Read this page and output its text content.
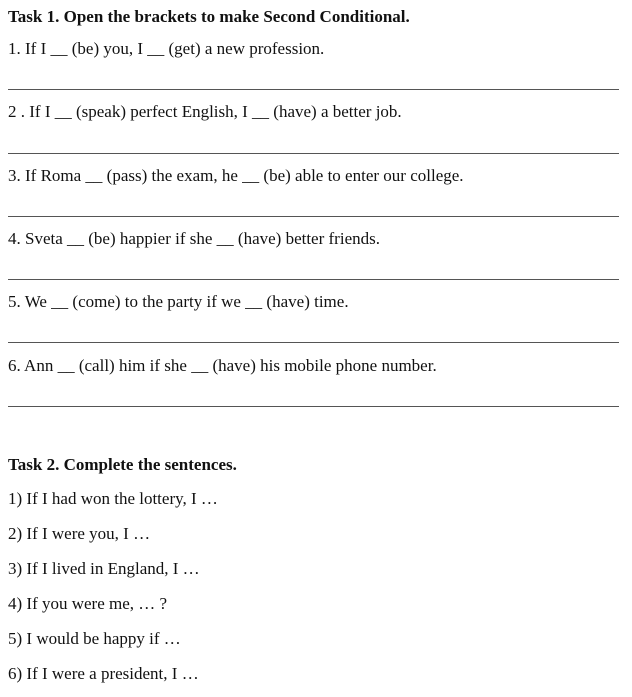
Task 1. Open the brackets to make Second Conditional.
1. If I __ (be) you, I __ (get) a new profession.
2 . If I __ (speak) perfect English, I __ (have) a better job.
3. If Roma __ (pass) the exam, he __ (be) able to enter our college.
4. Sveta __ (be) happier if she __ (have) better friends.
5. We __ (come) to the party if we __ (have) time.
6. Ann __ (call) him if she __ (have) his mobile phone number.
Task 2. Complete the sentences.
1) If I had won the lottery, I …
2) If I were you, I …
3) If I lived in England, I …
4) If you were me, … ?
5) I would be happy if …
6) If I were a president, I …
